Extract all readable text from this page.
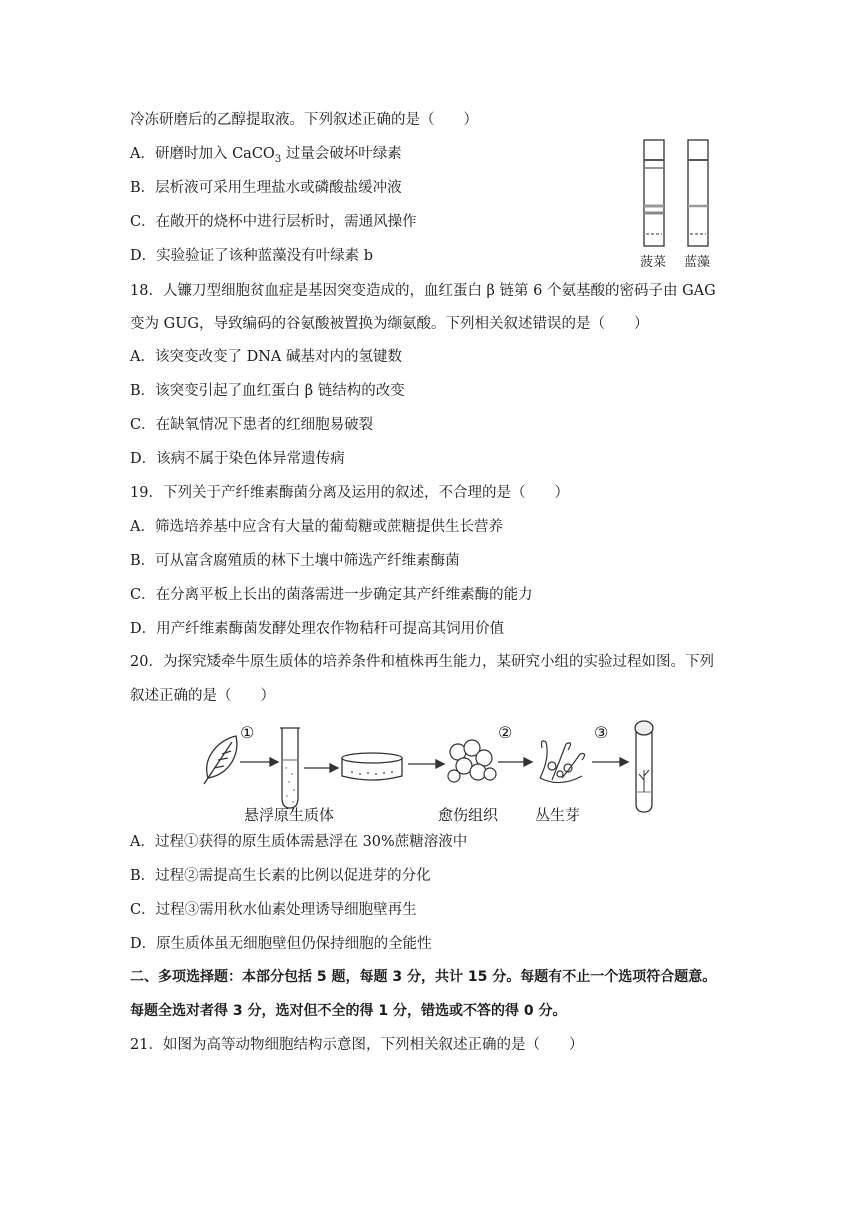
冷冻研磨后的乙醇提取液。下列叙述正确的是（　　）
A．研磨时加入 CaCO$_3$ 过量会破坏叶绿素
B．层析液可采用生理盐水或磷酸盐缓冲液
C．在敞开的烧杯中进行层析时，需通风操作
D．实验验证了该种蓝藻没有叶绿素 b	菠菜 蓝藻
18．人镰刀型细胞贫血症是基因突变造成的，血红蛋白 β 链第 6 个氨基酸的密码子由 GAG
变为 GUG，导致编码的谷氨酸被置换为缬氨酸。下列相关叙述错误的是（　　）
A．该突变改变了 DNA 碱基对内的氢键数
B．该突变引起了血红蛋白 β 链结构的改变
C．在缺氧情况下患者的红细胞易破裂
D．该病不属于染色体异常遗传病
19．下列关于产纤维素酶菌分离及运用的叙述，不合理的是（　　）
A．筛选培养基中应含有大量的葡萄糖或蔗糖提供生长营养
B．可从富含腐殖质的林下土壤中筛选产纤维素酶菌
C．在分离平板上长出的菌落需进一步确定其产纤维素酶的能力
D．用产纤维素酶菌发酵处理农作物秸秆可提高其饲用价值
20．为探究矮牵牛原生质体的培养条件和植株再生能力，某研究小组的实验过程如图。下列
叙述正确的是（　　）
①	②	③
悬浮原生质体	愈伤组织 丛生芽
A．过程①获得的原生质体需悬浮在 30%蔗糖溶液中
B．过程②需提高生长素的比例以促进芽的分化
C．过程③需用秋水仙素处理诱导细胞壁再生
D．原生质体虽无细胞壁但仍保持细胞的全能性
二、多项选择题：本部分包括 5 题，每题 3 分，共计 15 分。每题有不止一个选项符合题意。
每题全选对者得 3 分，选对但不全的得 1 分，错选或不答的得 0 分。
21．如图为高等动物细胞结构示意图，下列相关叙述正确的是（　　）
